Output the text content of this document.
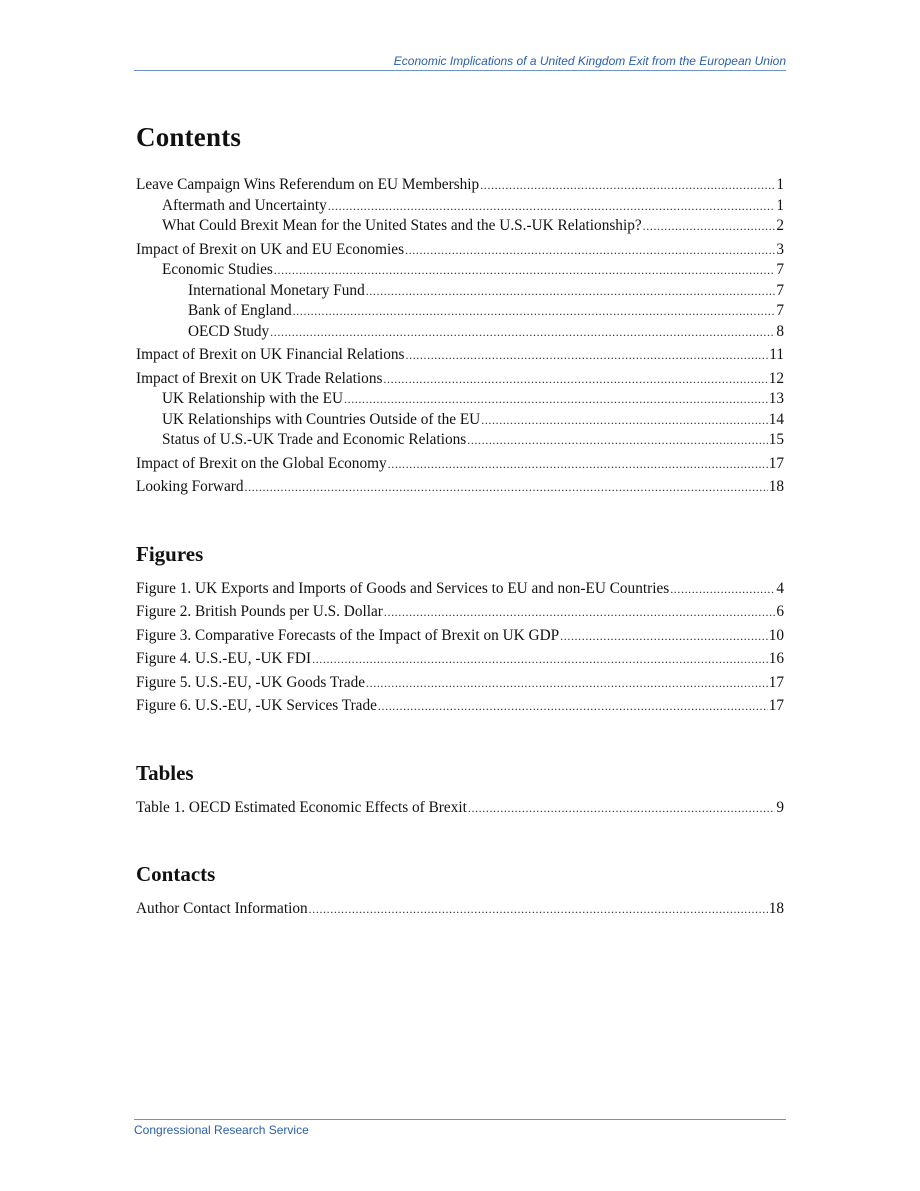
Economic Implications of a United Kingdom Exit from the European Union
Contents
Leave Campaign Wins Referendum on EU Membership .....	1
Aftermath and Uncertainty .....	1
What Could Brexit Mean for the United States and the U.S.-UK Relationship? .....	2
Impact of Brexit on UK and EU Economies .....	3
Economic Studies .....	7
International Monetary Fund .....	7
Bank of England .....	7
OECD Study .....	8
Impact of Brexit on UK Financial Relations .....	11
Impact of Brexit on UK Trade Relations .....	12
UK Relationship with the EU .....	13
UK Relationships with Countries Outside of the EU .....	14
Status of U.S.-UK Trade and Economic Relations .....	15
Impact of Brexit on the Global Economy .....	17
Looking Forward .....	18
Figures
Figure 1. UK Exports and Imports of Goods and Services to EU and non-EU Countries .....	4
Figure 2. British Pounds per U.S. Dollar .....	6
Figure 3. Comparative Forecasts of the Impact of Brexit on UK GDP .....	10
Figure 4. U.S.-EU, -UK FDI .....	16
Figure 5. U.S.-EU, -UK Goods Trade .....	17
Figure 6. U.S.-EU, -UK Services Trade .....	17
Tables
Table 1. OECD Estimated Economic Effects of Brexit .....	9
Contacts
Author Contact Information .....	18
Congressional Research Service
